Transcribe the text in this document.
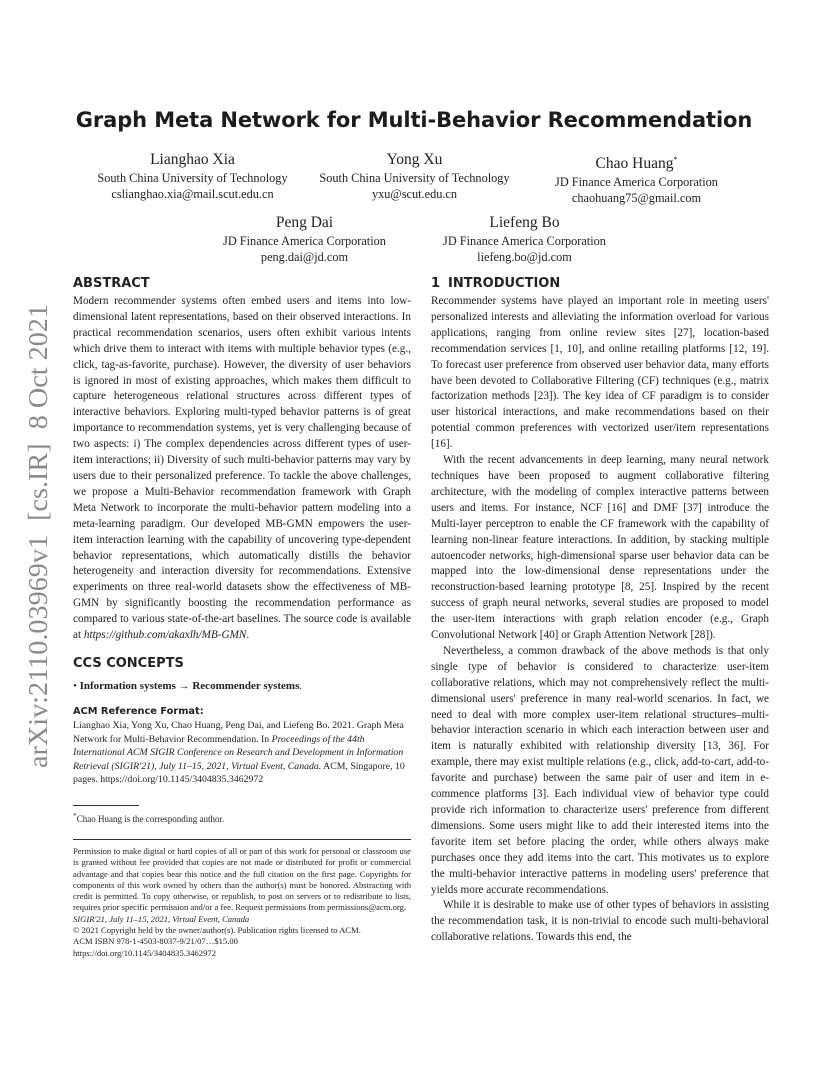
arXiv:2110.03969v1  [cs.IR]  8 Oct 2021
Graph Meta Network for Multi-Behavior Recommendation
Lianghao Xia
South China University of Technology
cslianghao.xia@mail.scut.edu.cn
Yong Xu
South China University of Technology
yxu@scut.edu.cn
Chao Huang*
JD Finance America Corporation
chaohuang75@gmail.com
Peng Dai
JD Finance America Corporation
peng.dai@jd.com
Liefeng Bo
JD Finance America Corporation
liefeng.bo@jd.com
ABSTRACT

Modern recommender systems often embed users and items into low-dimensional latent representations, based on their observed interactions. In practical recommendation scenarios, users often exhibit various intents which drive them to interact with items with multiple behavior types (e.g., click, tag-as-favorite, purchase). However, the diversity of user behaviors is ignored in most of existing approaches, which makes them difficult to capture heterogeneous relational structures across different types of interactive behaviors. Exploring multi-typed behavior patterns is of great importance to recommendation systems, yet is very challenging because of two aspects: i) The complex dependencies across different types of user-item interactions; ii) Diversity of such multi-behavior patterns may vary by users due to their personalized preference. To tackle the above challenges, we propose a Multi-Behavior recommendation framework with Graph Meta Network to incorporate the multi-behavior pattern modeling into a meta-learning paradigm. Our developed MB-GMN empowers the user-item interaction learning with the capability of uncovering type-dependent behavior representations, which automatically distills the behavior heterogeneity and interaction diversity for recommendations. Extensive experiments on three real-world datasets show the effectiveness of MB-GMN by significantly boosting the recommendation performance as compared to various state-of-the-art baselines. The source code is available at https://github.com/akaxlh/MB-GMN.

CCS CONCEPTS

• Information systems → Recommender systems.

ACM Reference Format:

Lianghao Xia, Yong Xu, Chao Huang, Peng Dai, and Liefeng Bo. 2021. Graph Meta Network for Multi-Behavior Recommendation. In Proceedings of the 44th International ACM SIGIR Conference on Research and Development in Information Retrieval (SIGIR'21), July 11–15, 2021, Virtual Event, Canada. ACM, Singapore, 10 pages. https://doi.org/10.1145/3404835.3462972

*Chao Huang is the corresponding author.

Permission to make digital or hard copies of all or part of this work for personal or classroom use is granted without fee provided that copies are not made or distributed for profit or commercial advantage and that copies bear this notice and the full citation on the first page. Copyrights for components of this work owned by others than the author(s) must be honored. Abstracting with credit is permitted. To copy otherwise, or republish, to post on servers or to redistribute to lists, requires prior specific permission and/or a fee. Request permissions from permissions@acm.org.

SIGIR'21, July 11–15, 2021, Virtual Event, Canada

© 2021 Copyright held by the owner/author(s). Publication rights licensed to ACM.

ACM ISBN 978-1-4503-8037-9/21/07…$15.00

https://doi.org/10.1145/3404835.3462972

1 INTRODUCTION

Recommender systems have played an important role in meeting users' personalized interests and alleviating the information overload for various applications, ranging from online review sites [27], location-based recommendation services [1, 10], and online retailing platforms [12, 19]. To forecast user preference from observed user behavior data, many efforts have been devoted to Collaborative Filtering (CF) techniques (e.g., matrix factorization methods [23]). The key idea of CF paradigm is to consider user historical interactions, and make recommendations based on their potential common preferences with vectorized user/item representations [16].

With the recent advancements in deep learning, many neural network techniques have been proposed to augment collaborative filtering architecture, with the modeling of complex interactive patterns between users and items. For instance, NCF [16] and DMF [37] introduce the Multi-layer perceptron to enable the CF framework with the capability of learning non-linear feature interactions. In addition, by stacking multiple autoencoder networks, high-dimensional sparse user behavior data can be mapped into the low-dimensional dense representations under the reconstruction-based learning prototype [8, 25]. Inspired by the recent success of graph neural networks, several studies are proposed to model the user-item interactions with graph relation encoder (e.g., Graph Convolutional Network [40] or Graph Attention Network [28]).

Nevertheless, a common drawback of the above methods is that only single type of behavior is considered to characterize user-item collaborative relations, which may not comprehensively reflect the multi-dimensional users' preference in many real-world scenarios. In fact, we need to deal with more complex user-item relational structures–multi-behavior interaction scenario in which each interaction between user and item is naturally exhibited with relationship diversity [13, 36]. For example, there may exist multiple relations (e.g., click, add-to-cart, add-to-favorite and purchase) between the same pair of user and item in e-commence platforms [3]. Each individual view of behavior type could provide rich information to characterize users' preference from different dimensions. Some users might like to add their interested items into the favorite item set before placing the order, while others always make purchases once they add items into the cart. This motivates us to explore the multi-behavior interactive patterns in modeling users' preference that yields more accurate recommendations.

While it is desirable to make use of other types of behaviors in assisting the recommendation task, it is non-trivial to encode such multi-behavioral collaborative relations. Towards this end, the
